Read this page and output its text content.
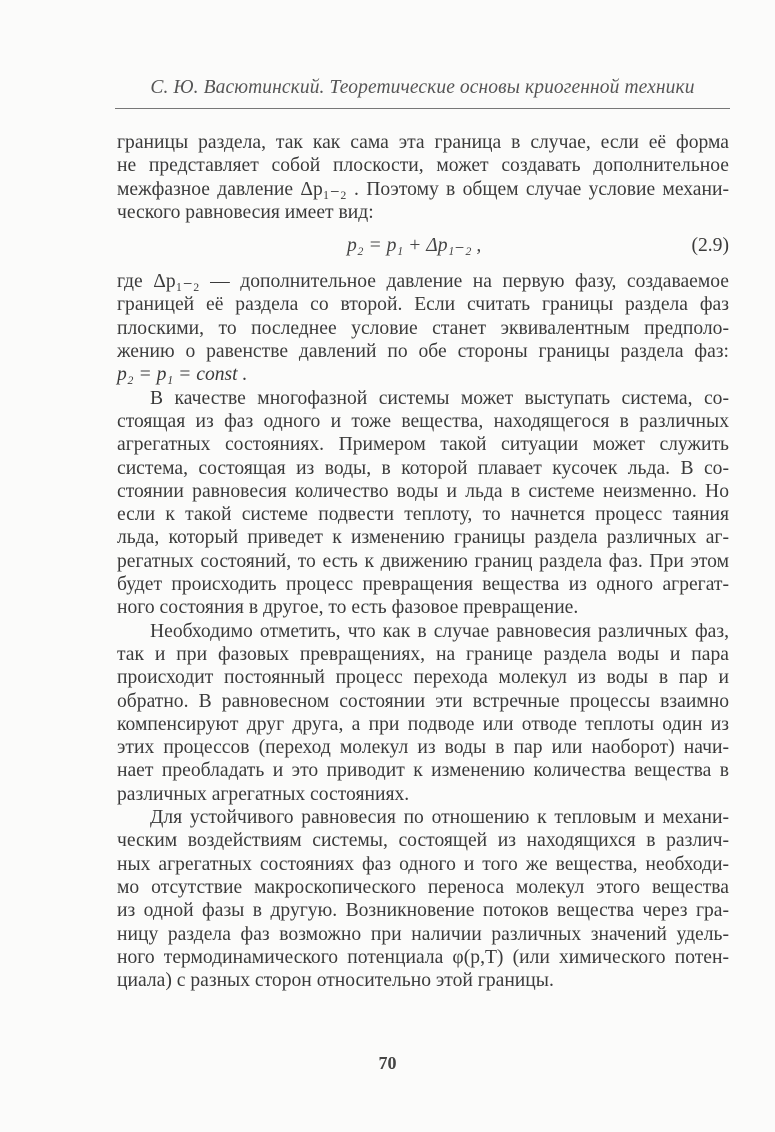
С. Ю. Васютинский. Теоретические основы криогенной техники

границы раздела, так как сама эта граница в случае, если её форма
не представляет собой плоскости, может создавать дополнительное
межфазное давление Δp₁₋₂ . Поэтому в общем случае условие механи-
ческого равновесия имеет вид:

p₂ = p₁ + Δp₁₋₂ ,	(2.9)

где Δp₁₋₂ — дополнительное давление на первую фазу, создаваемое
границей её раздела со второй. Если считать границы раздела фаз
плоскими, то последнее условие станет эквивалентным предполо-
жению о равенстве давлений по обе стороны границы раздела фаз:
p₂ = p₁ = const .

В качестве многофазной системы может выступать система, со-
стоящая из фаз одного и тоже вещества, находящегося в различных
агрегатных состояниях. Примером такой ситуации может служить
система, состоящая из воды, в которой плавает кусочек льда. В со-
стоянии равновесия количество воды и льда в системе неизменно. Но
если к такой системе подвести теплоту, то начнется процесс таяния
льда, который приведет к изменению границы раздела различных аг-
регатных состояний, то есть к движению границ раздела фаз. При этом
будет происходить процесс превращения вещества из одного агрегат-
ного состояния в другое, то есть фазовое превращение.

Необходимо отметить, что как в случае равновесия различных фаз,
так и при фазовых превращениях, на границе раздела воды и пара
происходит постоянный процесс перехода молекул из воды в пар и
обратно. В равновесном состоянии эти встречные процессы взаимно
компенсируют друг друга, а при подводе или отводе теплоты один из
этих процессов (переход молекул из воды в пар или наоборот) начи-
нает преобладать и это приводит к изменению количества вещества в
различных агрегатных состояниях.

Для устойчивого равновесия по отношению к тепловым и механи-
ческим воздействиям системы, состоящей из находящихся в различ-
ных агрегатных состояниях фаз одного и того же вещества, необходи-
мо отсутствие макроскопического переноса молекул этого вещества
из одной фазы в другую. Возникновение потоков вещества через гра-
ницу раздела фаз возможно при наличии различных значений удель-
ного термодинамического потенциала φ(p,T) (или химического потен-
циала) с разных сторон относительно этой границы.

70
